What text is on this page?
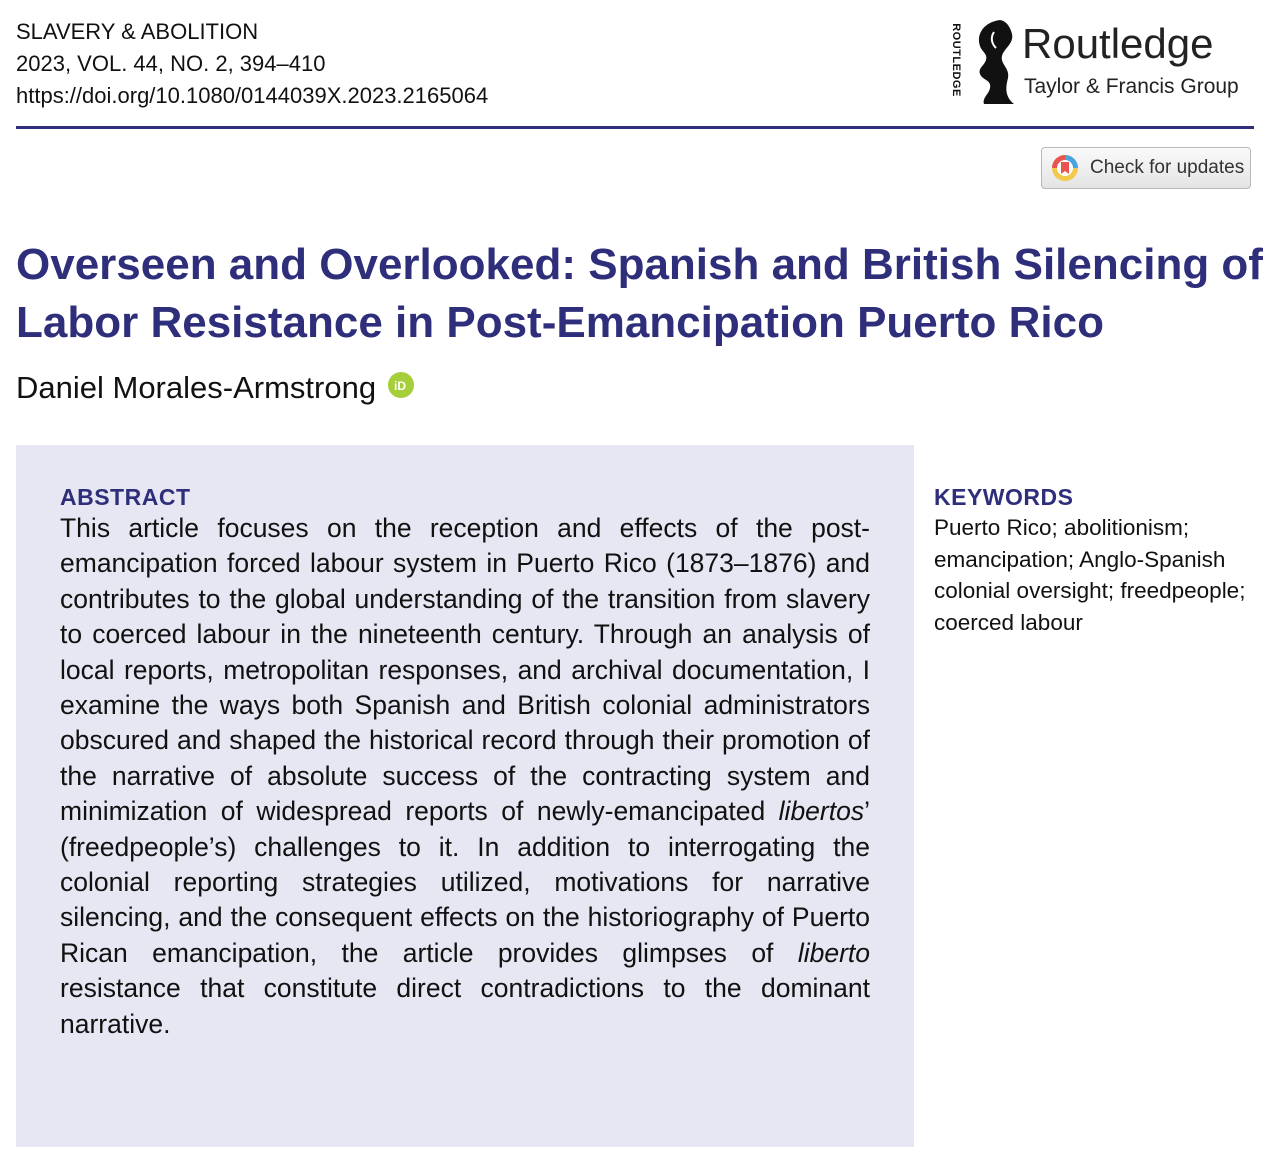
SLAVERY & ABOLITION
2023, VOL. 44, NO. 2, 394–410
https://doi.org/10.1080/0144039X.2023.2165064	ROUTLEDGE Routledge
Taylor & Francis Group
Check for updates
Overseen and Overlooked: Spanish and British Silencing of Labor Resistance in Post-Emancipation Puerto Rico
Daniel Morales-Armstrong iD
ABSTRACT
This article focuses on the reception and effects of the post-emancipation forced labour system in Puerto Rico (1873–1876) and contributes to the global understanding of the transition from slavery to coerced labour in the nineteenth century. Through an analysis of local reports, metropolitan responses, and archival documentation, I examine the ways both Spanish and British colonial administrators obscured and shaped the historical record through their promotion of the narrative of absolute success of the contracting system and minimization of widespread reports of newly-emancipated libertos’ (freedpeople’s) challenges to it. In addition to interrogating the colonial reporting strategies utilized, motivations for narrative silencing, and the consequent effects on the historiography of Puerto Rican emancipation, the article provides glimpses of liberto resistance that constitute direct contradictions to the dominant narrative.
KEYWORDS
Puerto Rico; abolitionism; emancipation; Anglo-Spanish colonial oversight; freedpeople; coerced labour
